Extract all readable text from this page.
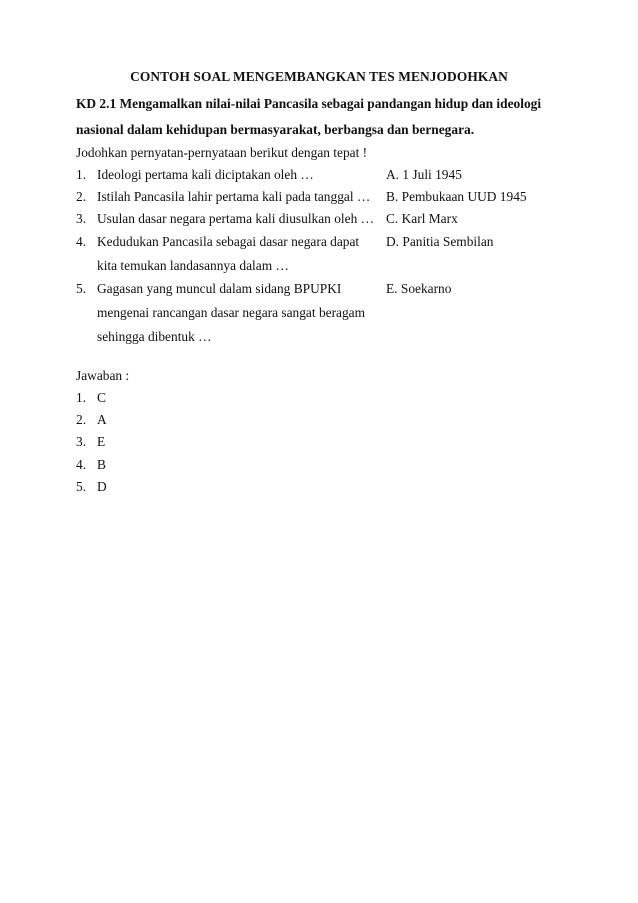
CONTOH SOAL MENGEMBANGKAN TES MENJODOHKAN
KD 2.1 Mengamalkan nilai-nilai Pancasila sebagai pandangan hidup dan ideologi
nasional dalam kehidupan bermasyarakat, berbangsa dan bernegara.
Jodohkan pernyatan-pernyataan berikut dengan tepat !
1. Ideologi pertama kali diciptakan oleh …	A. 1 Juli 1945
2. Istilah Pancasila lahir pertama kali pada tanggal … B. Pembukaan UUD 1945
3. Usulan dasar negara pertama kali diusulkan oleh … C. Karl Marx
4. Kedudukan Pancasila sebagai dasar negara dapat
kita temukan landasannya dalam …
D. Panitia Sembilan
5. Gagasan yang muncul dalam sidang BPUPKI
mengenai rancangan dasar negara sangat beragam
sehingga dibentuk …
E. Soekarno
Jawaban :
1. C
2. A
3. E
4. B
5. D
